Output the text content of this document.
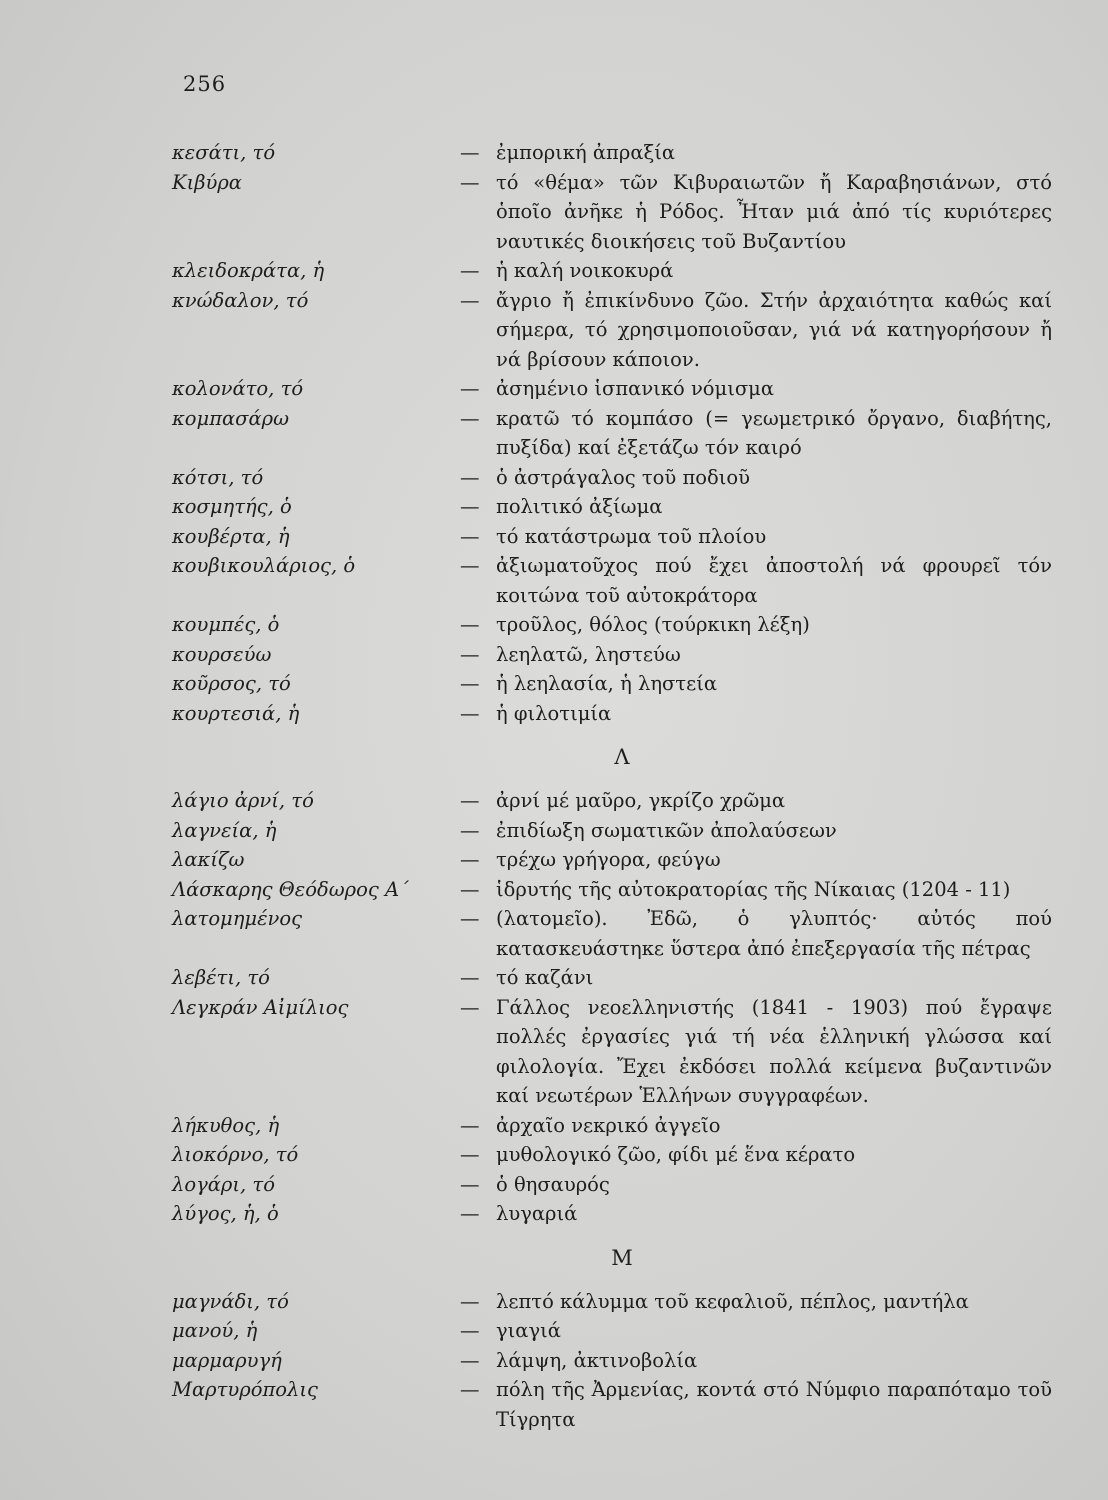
256
κεσάτι, τό	— ἐμπορική ἀπραξία
Κιβύρα	— τό «θέμα» τῶν Κιβυραιωτῶν ἤ Καραβησιάνων, στό ὁποῖο ἀνῆκε ἡ Ρόδος. Ἦταν μιά ἀπό τίς κυριότερες ναυτικές διοικήσεις τοῦ Βυζαντίου
κλειδοκράτα, ἡ	— ἡ καλή νοικοκυρά
κνώδαλον, τό	— ἄγριο ἤ ἐπικίνδυνο ζῶο. Στήν ἀρχαιότητα καθώς καί σήμερα, τό χρησιμοποιοῦσαν, γιά νά κατηγορήσουν ἤ νά βρίσουν κάποιον.
κολονάτο, τό	— ἀσημένιο ἱσπανικό νόμισμα
κομπασάρω	— κρατῶ τό κομπάσο (= γεωμετρικό ὄργανο, διαβήτης, πυξίδα) καί ἐξετάζω τόν καιρό
κότσι, τό	— ὁ ἀστράγαλος τοῦ ποδιοῦ
κοσμητής, ὁ	— πολιτικό ἀξίωμα
κουβέρτα, ἡ	— τό κατάστρωμα τοῦ πλοίου
κουβικουλάριος, ὁ	— ἀξιωματοῦχος πού ἔχει ἀποστολή νά φρουρεῖ τόν κοιτώνα τοῦ αὐτοκράτορα
κουμπές, ὁ	— τροῦλος, θόλος (τούρκικη λέξη)
κουρσεύω	— λεηλατῶ, ληστεύω
κοῦρσος, τό	— ἡ λεηλασία, ἡ ληστεία
κουρτεσιά, ἡ	— ἡ φιλοτιμία
Λ
λάγιο ἀρνί, τό	— ἀρνί μέ μαῦρο, γκρίζο χρῶμα
λαγνεία, ἡ	— ἐπιδίωξη σωματικῶν ἀπολαύσεων
λακίζω	— τρέχω γρήγορα, φεύγω
Λάσκαρης Θεόδωρος Α΄	— ἱδρυτής τῆς αὐτοκρατορίας τῆς Νίκαιας (1204 - 11)
λατομημένος	— (λατομεῖο). Ἐδῶ, ὁ γλυπτός· αὐτός πού κατασκευάστηκε ὕστερα ἀπό ἐπεξεργασία τῆς πέτρας
λεβέτι, τό	— τό καζάνι
Λεγκράν Αἰμίλιος	— Γάλλος νεοελληνιστής (1841 - 1903) πού ἔγραψε πολλές ἐργασίες γιά τή νέα ἑλληνική γλώσσα καί φιλολογία. Ἔχει ἐκδόσει πολλά κείμενα βυζαντινῶν καί νεωτέρων Ἑλλήνων συγγραφέων.
λήκυθος, ἡ	— ἀρχαῖο νεκρικό ἀγγεῖο
λιοκόρνο, τό	— μυθολογικό ζῶο, φίδι μέ ἕνα κέρατο
λογάρι, τό	— ὁ θησαυρός
λύγος, ἡ, ὁ	— λυγαριά
Μ
μαγνάδι, τό	— λεπτό κάλυμμα τοῦ κεφαλιοῦ, πέπλος, μαντήλα
μανού, ἡ	— γιαγιά
μαρμαρυγή	— λάμψη, ἀκτινοβολία
Μαρτυρόπολις	— πόλη τῆς Ἀρμενίας, κοντά στό Νύμφιο παραπόταμο τοῦ Τίγρητα
